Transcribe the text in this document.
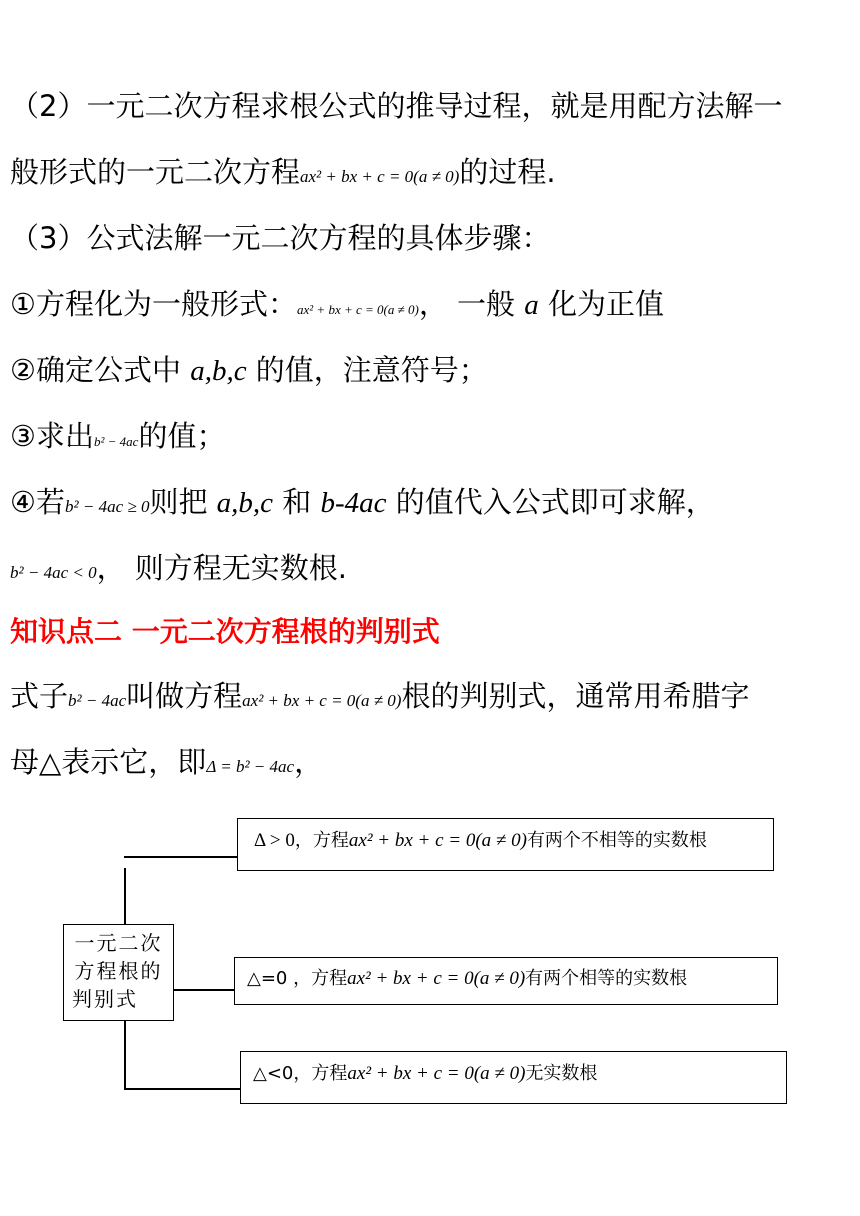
（2）一元二次方程求根公式的推导过程，就是用配方法解一
般形式的一元二次方程ax² + bx + c = 0(a ≠ 0)的过程.
（3）公式法解一元二次方程的具体步骤：
①方程化为一般形式：ax² + bx + c = 0(a ≠ 0)， 一般 a 化为正值
②确定公式中 a,b,c 的值，注意符号；
③求出b² − 4ac的值；
④若b² − 4ac ≥ 0则把 a,b,c 和 b-4ac 的值代入公式即可求解，
b² − 4ac < 0， 则方程无实数根.
知识点二 一元二次方程根的判别式
式子b² − 4ac叫做方程ax² + bx + c = 0(a ≠ 0)根的判别式，通常用希腊字
母△表示它，即Δ = b² − 4ac，
一元二次
方程根的
判别式
Δ > 0，方程ax² + bx + c = 0(a ≠ 0)有两个不相等的实数根
△=0 ，方程ax² + bx + c = 0(a ≠ 0)有两个相等的实数根
△<0，方程ax² + bx + c = 0(a ≠ 0)无实数根
